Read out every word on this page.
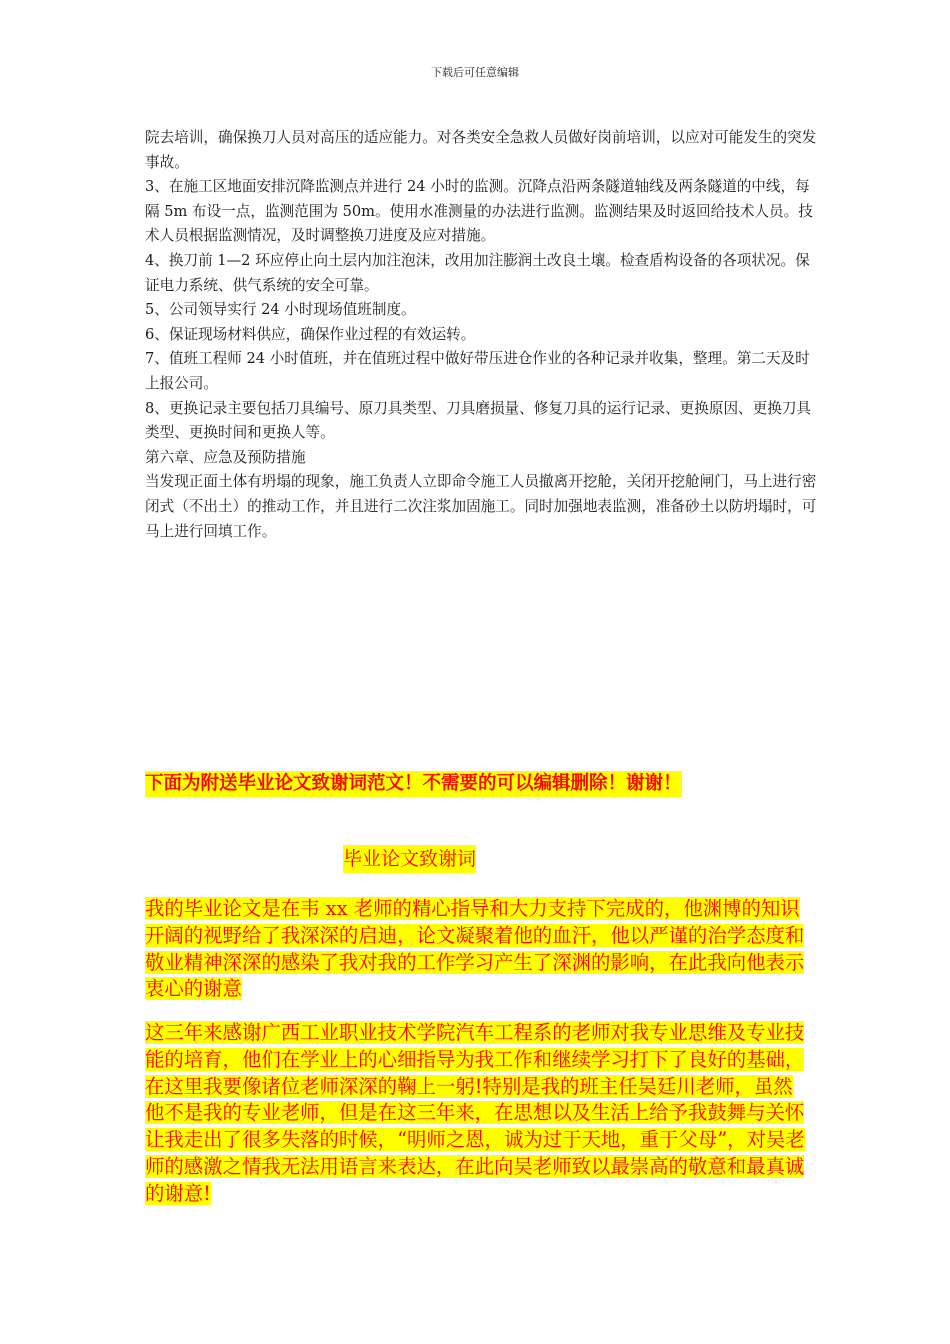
下载后可任意编辑

院去培训，确保换刀人员对高压的适应能力。对各类安全急救人员做好岗前培训，以应对可能发生的突发事故。

3、在施工区地面安排沉降监测点并进行 24 小时的监测。沉降点沿两条隧道轴线及两条隧道的中线，每隔 5m 布设一点，监测范围为 50m。使用水准测量的办法进行监测。监测结果及时返回给技术人员。技术人员根据监测情况，及时调整换刀进度及应对措施。

4、换刀前 1—2 环应停止向土层内加注泡沫，改用加注膨润土改良土壤。检查盾构设备的各项状况。保证电力系统、供气系统的安全可靠。

5、公司领导实行 24 小时现场值班制度。

6、保证现场材料供应，确保作业过程的有效运转。

7、值班工程师 24 小时值班，并在值班过程中做好带压进仓作业的各种记录并收集，整理。第二天及时上报公司。

8、更换记录主要包括刀具编号、原刀具类型、刀具磨损量、修复刀具的运行记录、更换原因、更换刀具类型、更换时间和更换人等。

第六章、应急及预防措施

当发现正面土体有坍塌的现象，施工负责人立即命令施工人员撤离开挖舱，关闭开挖舱闸门，马上进行密闭式（不出土）的推动工作，并且进行二次注浆加固施工。同时加强地表监测，准备砂土以防坍塌时，可马上进行回填工作。

下面为附送毕业论文致谢词范文！不需要的可以编辑删除！谢谢！
毕业论文致谢词

我的毕业论文是在韦 xx 老师的精心指导和大力支持下完成的，他渊博的知识开阔的视野给了我深深的启迪，论文凝聚着他的血汗，他以严谨的治学态度和敬业精神深深的感染了我对我的工作学习产生了深渊的影响，在此我向他表示衷心的谢意

这三年来感谢广西工业职业技术学院汽车工程系的老师对我专业思维及专业技能的培育，他们在学业上的心细指导为我工作和继续学习打下了良好的基础，在这里我要像诸位老师深深的鞠上一躬!特别是我的班主任吴廷川老师，虽然他不是我的专业老师，但是在这三年来，在思想以及生活上给予我鼓舞与关怀让我走出了很多失落的时候，“明师之恩，诚为过于天地，重于父母”，对吴老师的感激之情我无法用语言来表达，在此向吴老师致以最崇高的敬意和最真诚的谢意!
